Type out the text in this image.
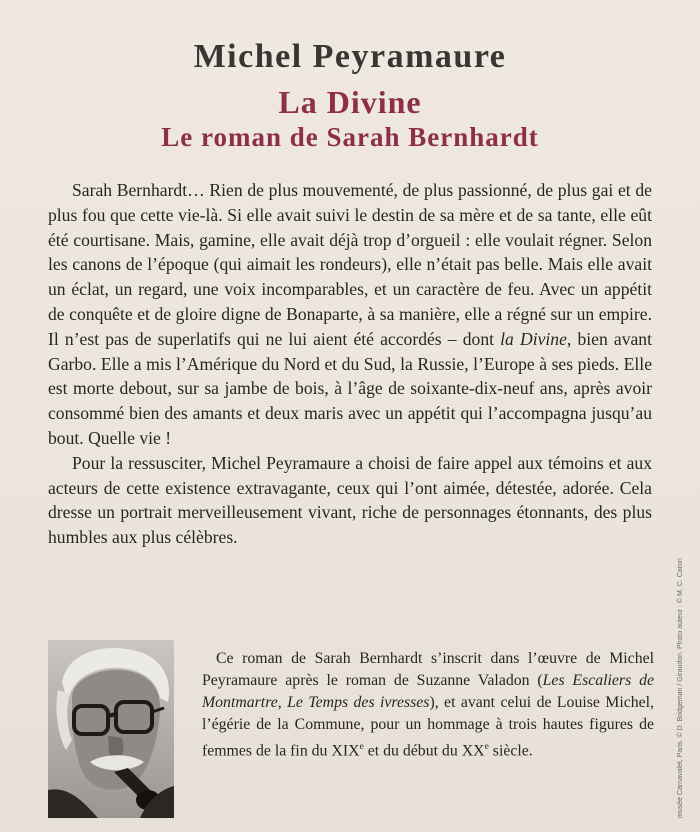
Michel Peyramaure
La Divine
Le roman de Sarah Bernhardt

Sarah Bernhardt… Rien de plus mouvementé, de plus passionné, de plus gai et de plus fou que cette vie-là. Si elle avait suivi le destin de sa mère et de sa tante, elle eût été courtisane. Mais, gamine, elle avait déjà trop d’orgueil : elle voulait régner. Selon les canons de l’époque (qui aimait les rondeurs), elle n’était pas belle. Mais elle avait un éclat, un regard, une voix incomparables, et un caractère de feu. Avec un appétit de conquête et de gloire digne de Bonaparte, à sa manière, elle a régné sur un empire. Il n’est pas de superlatifs qui ne lui aient été accordés – dont la Divine, bien avant Garbo. Elle a mis l’Amérique du Nord et du Sud, la Russie, l’Europe à ses pieds. Elle est morte debout, sur sa jambe de bois, à l’âge de soixante-dix-neuf ans, après avoir consommé bien des amants et deux maris avec un appétit qui l’accompagna jusqu’au bout. Quelle vie !

Pour la ressusciter, Michel Peyramaure a choisi de faire appel aux témoins et aux acteurs de cette existence extravagante, ceux qui l’ont aimée, détestée, adorée. Cela dresse un portrait merveilleusement vivant, riche de personnages étonnants, des plus humbles aux plus célèbres.

Ce roman de Sarah Bernhardt s’inscrit dans l’œuvre de Michel Peyramaure après le roman de Suzanne Valadon (Les Escaliers de Montmartre, Le Temps des ivresses), et avant celui de Louise Michel, l’égérie de la Commune, pour un hommage à trois hautes figures de femmes de la fin du XIXe et du début du XXe siècle.	musée Carnavalet, Paris. © D. Bridgeman / Giraudon. Photo auteur : © M. C. Caron
